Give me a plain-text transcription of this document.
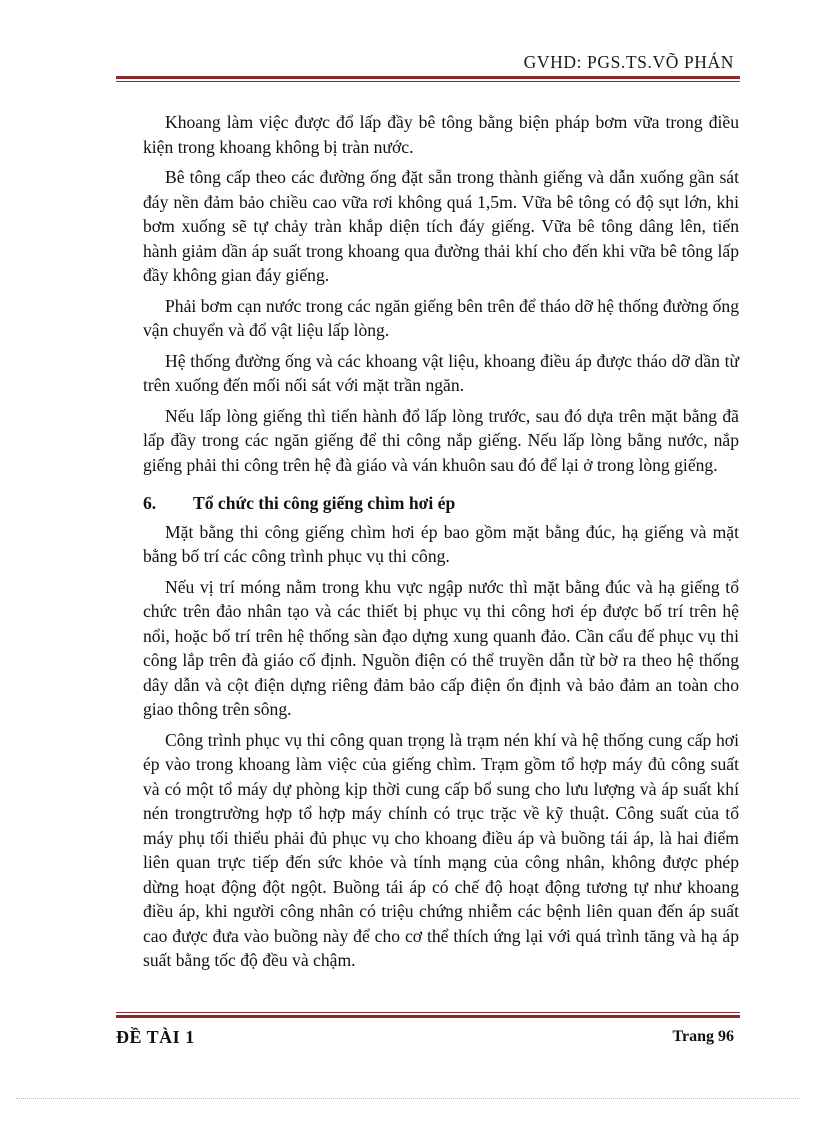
GVHD: PGS.TS.VÕ PHÁN

Khoang làm việc được đổ lấp đầy bê tông bằng biện pháp bơm vữa trong điều kiện trong khoang không bị tràn nước.

Bê tông cấp theo các đường ống đặt sẵn trong thành giếng và dẫn xuống gần sát đáy nền đảm bảo chiều cao vữa rơi không quá 1,5m. Vữa bê tông có độ sụt lớn, khi bơm xuống sẽ tự chảy tràn khắp diện tích đáy giếng. Vữa bê tông dâng lên, tiến hành giảm dần áp suất trong khoang qua đường thải khí cho đến khi vữa bê tông lấp đầy không gian đáy giếng.

Phải bơm cạn nước trong các ngăn giếng bên trên để tháo dỡ hệ thống đường ống vận chuyển và đổ vật liệu lấp lòng.

Hệ thống đường ống và các khoang vật liệu, khoang điều áp được tháo dỡ dần từ trên xuống đến mối nối sát với mặt trần ngăn.

Nếu lấp lòng giếng thì tiến hành đổ lấp lòng trước, sau đó dựa trên mặt bằng đã lấp đầy trong các ngăn giếng để thi công nắp giếng. Nếu lấp lòng bằng nước, nắp giếng phải thi công trên hệ đà giáo và ván khuôn sau đó để lại ở trong lòng giếng.

6.	Tổ chức thi công giếng chìm hơi ép

Mặt bằng thi công giếng chìm hơi ép bao gồm mặt bằng đúc, hạ giếng và mặt bằng bố trí các công trình phục vụ thi công.

Nếu vị trí móng nằm trong khu vực ngập nước thì mặt bằng đúc và hạ giếng tổ chức trên đảo nhân tạo và các thiết bị phục vụ thi công hơi ép được bố trí trên hệ nổi, hoặc bố trí trên hệ thống sàn đạo dựng xung quanh đảo. Cần cẩu để phục vụ thi công lắp trên đà giáo cố định. Nguồn điện có thể truyền dẫn từ bờ ra theo hệ thống dây dẫn và cột điện dựng riêng đảm bảo cấp điện ổn định và bảo đảm an toàn cho giao thông trên sông.

Công trình phục vụ thi công quan trọng là trạm nén khí và hệ thống cung cấp hơi ép vào trong khoang làm việc của giếng chìm. Trạm gồm tổ hợp máy đủ công suất và có một tổ máy dự phòng kịp thời cung cấp bổ sung cho lưu lượng và áp suất khí nén trongtrường hợp tổ hợp máy chính có trục trặc về kỹ thuật. Công suất của tổ máy phụ tối thiểu phải đủ phục vụ cho khoang điều áp và buồng tái áp, là hai điểm liên quan trực tiếp đến sức khỏe và tính mạng của công nhân, không được phép dừng hoạt động đột ngột. Buồng tái áp có chế độ hoạt động tương tự như khoang điều áp, khi người công nhân có triệu chứng nhiễm các bệnh liên quan đến áp suất cao được đưa vào buồng này để cho cơ thể thích ứng lại với quá trình tăng và hạ áp suất bằng tốc độ đều và chậm.

ĐỀ TÀI 1	Trang 96
